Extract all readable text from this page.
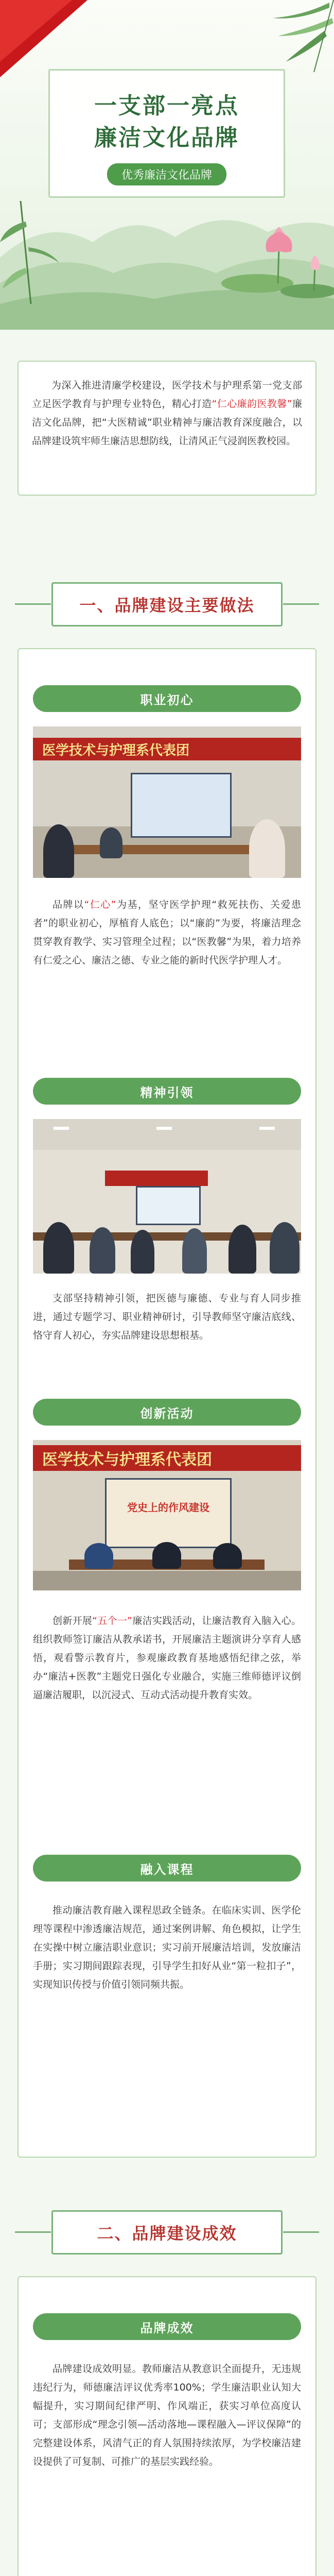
一支部一亮点
廉洁文化品牌
优秀廉洁文化品牌

为深入推进清廉学校建设，医学技术与护理系第一党支部立足医学教育与护理专业特色，精心打造“仁心廉韵医教馨”廉洁文化品牌，把“大医精诚”职业精神与廉洁教育深度融合，以品牌建设筑牢师生廉洁思想防线，让清风正气浸润医教校园。

一、品牌建设主要做法
职业初心
医学技术与护理系代表团

品牌以“仁心”为基，坚守医学护理“救死扶伤、关爱患者”的职业初心，厚植育人底色；以“廉韵”为要，将廉洁理念贯穿教育教学、实习管理全过程；以“医教馨”为果，着力培养有仁爱之心、廉洁之德、专业之能的新时代医学护理人才。

精神引领

支部坚持精神引领，把医德与廉德、专业与育人同步推进，通过专题学习、职业精神研讨，引导教师坚守廉洁底线、恪守育人初心，夯实品牌建设思想根基。

创新活动
医学技术与护理系代表团
党史上的作风建设

创新开展“五个一”廉洁实践活动，让廉洁教育入脑入心。组织教师签订廉洁从教承诺书，开展廉洁主题演讲分享育人感悟，观看警示教育片，参观廉政教育基地感悟纪律之弦，举办“廉洁+医教”主题党日强化专业融合，实施三维师德评议倒逼廉洁履职，以沉浸式、互动式活动提升教育实效。

融入课程

推动廉洁教育融入课程思政全链条。在临床实训、医学伦理等课程中渗透廉洁规范，通过案例讲解、角色模拟，让学生在实操中树立廉洁职业意识；实习前开展廉洁培训，发放廉洁手册；实习期间跟踪表现，引导学生扣好从业“第一粒扣子”，实现知识传授与价值引领同频共振。

二、品牌建设成效
品牌成效

品牌建设成效明显。教师廉洁从教意识全面提升，无违规违纪行为，师德廉洁评议优秀率100%；学生廉洁职业认知大幅提升，实习期间纪律严明、作风端正，获实习单位高度认可；支部形成“理念引领—活动落地—课程融入—评议保障”的完整建设体系，风清气正的育人氛围持续浓厚，为学校廉洁建设提供了可复制、可推广的基层实践经验。
